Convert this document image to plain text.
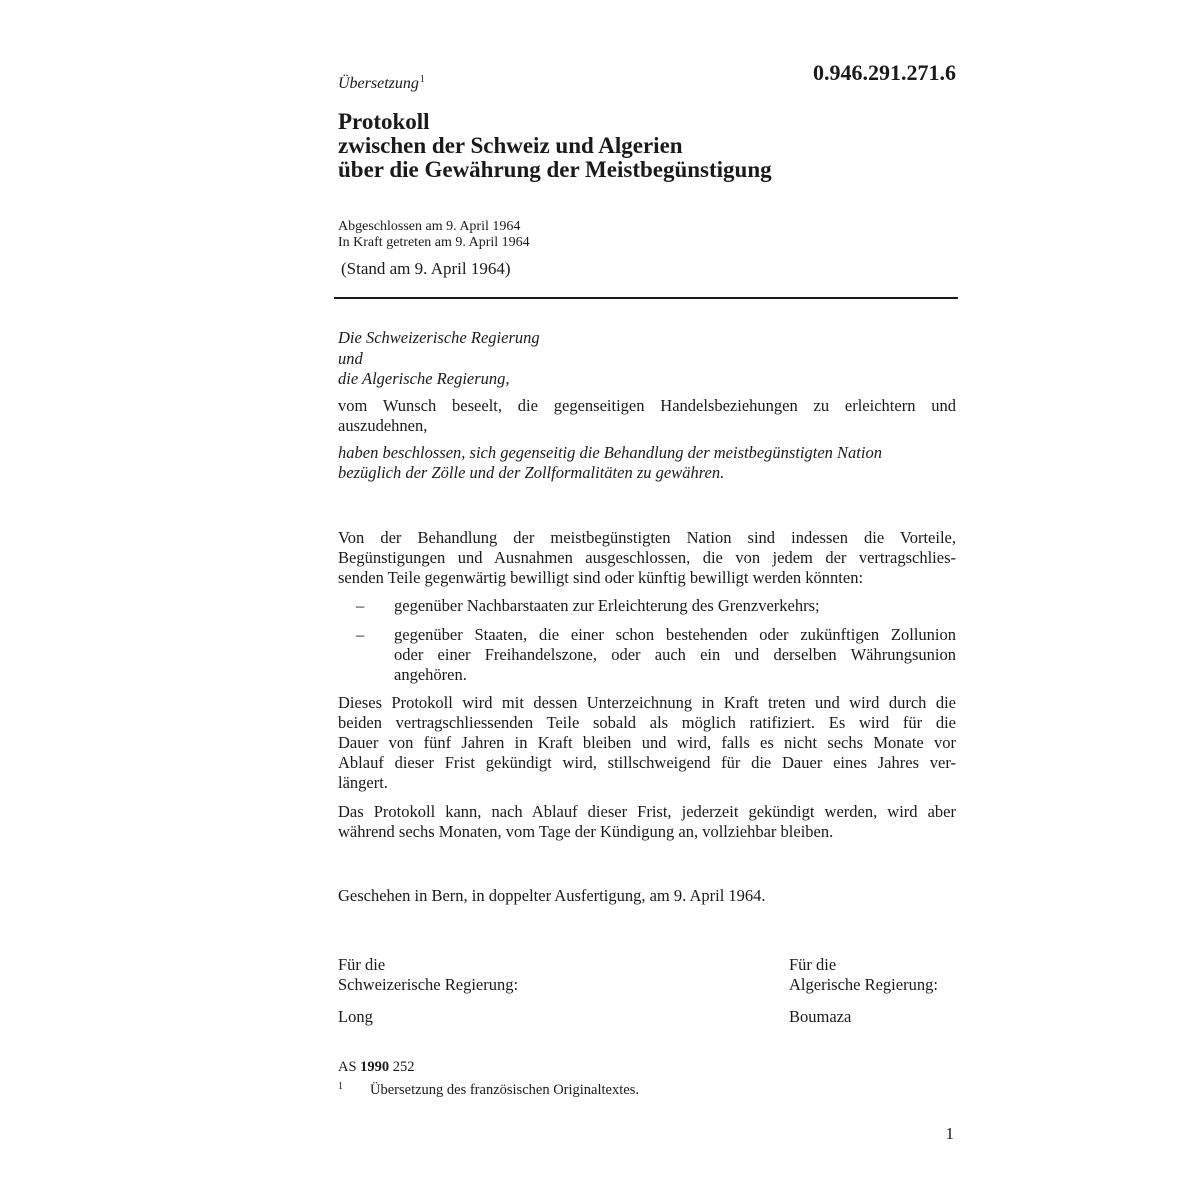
Übersetzung$^1$	0.946.291.271.6
Protokoll
zwischen der Schweiz und Algerien
über die Gewährung der Meistbegünstigung
Abgeschlossen am 9. April 1964
In Kraft getreten am 9. April 1964
(Stand am 9. April 1964)
Die Schweizerische Regierung
und
die Algerische Regierung,
vom Wunsch beseelt, die gegenseitigen Handelsbeziehungen zu erleichtern und
auszudehnen,
haben beschlossen, sich gegenseitig die Behandlung der meistbegünstigten Nation
bezüglich der Zölle und der Zollformalitäten zu gewähren.
Von der Behandlung der meistbegünstigten Nation sind indessen die Vorteile,
Begünstigungen und Ausnahmen ausgeschlossen, die von jedem der vertragschlies-
senden Teile gegenwärtig bewilligt sind oder künftig bewilligt werden könnten:
– gegenüber Nachbarstaaten zur Erleichterung des Grenzverkehrs;
– gegenüber Staaten, die einer schon bestehenden oder zukünftigen Zollunion
oder einer Freihandelszone, oder auch ein und derselben Währungsunion
angehören.
Dieses Protokoll wird mit dessen Unterzeichnung in Kraft treten und wird durch die
beiden vertragschliessenden Teile sobald als möglich ratifiziert. Es wird für die
Dauer von fünf Jahren in Kraft bleiben und wird, falls es nicht sechs Monate vor
Ablauf dieser Frist gekündigt wird, stillschweigend für die Dauer eines Jahres ver-
längert.
Das Protokoll kann, nach Ablauf dieser Frist, jederzeit gekündigt werden, wird aber
während sechs Monaten, vom Tage der Kündigung an, vollziehbar bleiben.
Geschehen in Bern, in doppelter Ausfertigung, am 9. April 1964.
Für die
Schweizerische Regierung:
Long
Für die
Algerische Regierung:
Boumaza
AS 1990 252
1 Übersetzung des französischen Originaltextes.
1
